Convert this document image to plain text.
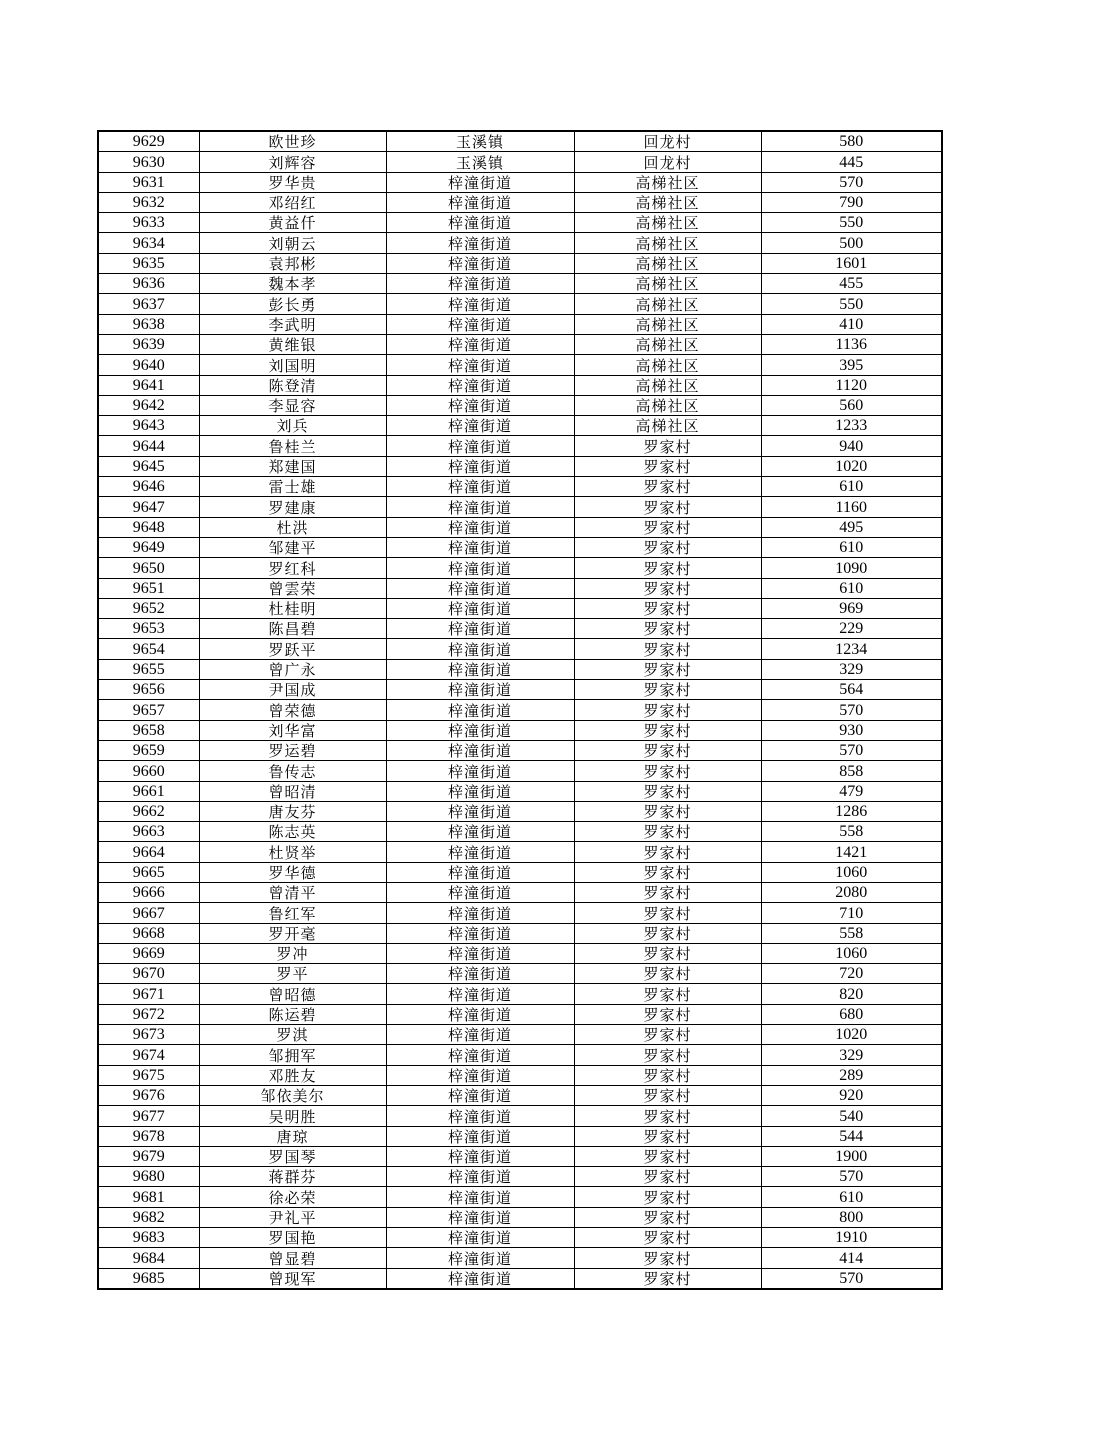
9629	欧世珍	玉溪镇	回龙村	580
9630	刘辉容	玉溪镇	回龙村	445
9631	罗华贵	梓潼街道	高梯社区	570
9632	邓绍红	梓潼街道	高梯社区	790
9633	黄益仟	梓潼街道	高梯社区	550
9634	刘朝云	梓潼街道	高梯社区	500
9635	袁邦彬	梓潼街道	高梯社区	1601
9636	魏本孝	梓潼街道	高梯社区	455
9637	彭长勇	梓潼街道	高梯社区	550
9638	李武明	梓潼街道	高梯社区	410
9639	黄维银	梓潼街道	高梯社区	1136
9640	刘国明	梓潼街道	高梯社区	395
9641	陈登清	梓潼街道	高梯社区	1120
9642	李显容	梓潼街道	高梯社区	560
9643	刘兵	梓潼街道	高梯社区	1233
9644	鲁桂兰	梓潼街道	罗家村	940
9645	郑建国	梓潼街道	罗家村	1020
9646	雷士雄	梓潼街道	罗家村	610
9647	罗建康	梓潼街道	罗家村	1160
9648	杜洪	梓潼街道	罗家村	495
9649	邹建平	梓潼街道	罗家村	610
9650	罗红科	梓潼街道	罗家村	1090
9651	曾雲荣	梓潼街道	罗家村	610
9652	杜桂明	梓潼街道	罗家村	969
9653	陈昌碧	梓潼街道	罗家村	229
9654	罗跃平	梓潼街道	罗家村	1234
9655	曾广永	梓潼街道	罗家村	329
9656	尹国成	梓潼街道	罗家村	564
9657	曾荣德	梓潼街道	罗家村	570
9658	刘华富	梓潼街道	罗家村	930
9659	罗运碧	梓潼街道	罗家村	570
9660	鲁传志	梓潼街道	罗家村	858
9661	曾昭清	梓潼街道	罗家村	479
9662	唐友芬	梓潼街道	罗家村	1286
9663	陈志英	梓潼街道	罗家村	558
9664	杜贤举	梓潼街道	罗家村	1421
9665	罗华德	梓潼街道	罗家村	1060
9666	曾清平	梓潼街道	罗家村	2080
9667	鲁红军	梓潼街道	罗家村	710
9668	罗开毫	梓潼街道	罗家村	558
9669	罗冲	梓潼街道	罗家村	1060
9670	罗平	梓潼街道	罗家村	720
9671	曾昭德	梓潼街道	罗家村	820
9672	陈运碧	梓潼街道	罗家村	680
9673	罗淇	梓潼街道	罗家村	1020
9674	邹拥军	梓潼街道	罗家村	329
9675	邓胜友	梓潼街道	罗家村	289
9676	邹依美尔	梓潼街道	罗家村	920
9677	吴明胜	梓潼街道	罗家村	540
9678	唐琼	梓潼街道	罗家村	544
9679	罗国琴	梓潼街道	罗家村	1900
9680	蒋群芬	梓潼街道	罗家村	570
9681	徐必荣	梓潼街道	罗家村	610
9682	尹礼平	梓潼街道	罗家村	800
9683	罗国艳	梓潼街道	罗家村	1910
9684	曾显碧	梓潼街道	罗家村	414
9685	曾现军	梓潼街道	罗家村	570
